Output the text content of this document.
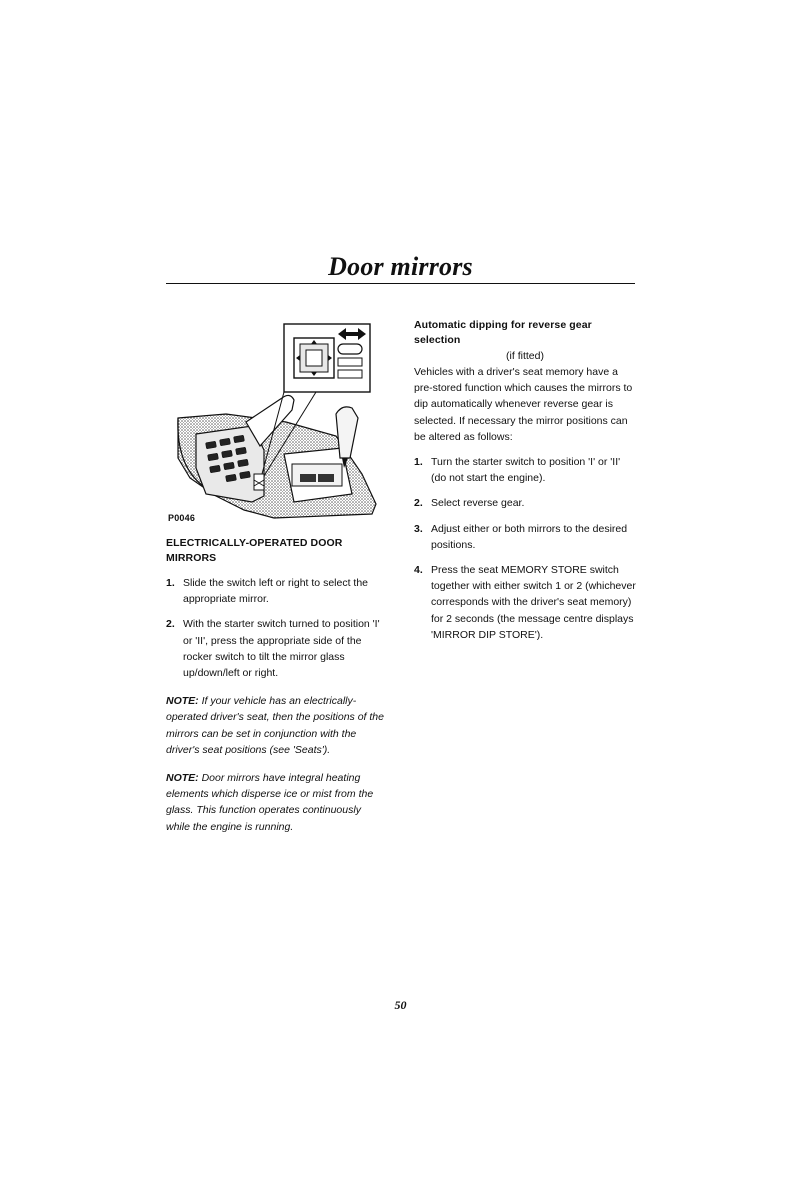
Door mirrors
P0046

ELECTRICALLY-OPERATED DOOR MIRRORS

1. Slide the switch left or right to select the appropriate mirror.
2. With the starter switch turned to position 'I' or 'II', press the appropriate side of the rocker switch to tilt the mirror glass up/down/left or right.

NOTE: If your vehicle has an electrically-operated driver's seat, then the positions of the mirrors can be set in conjunction with the driver's seat positions (see 'Seats').

NOTE: Door mirrors have integral heating elements which disperse ice or mist from the glass. This function operates continuously while the engine is running.

Automatic dipping for reverse gear selection

(if fitted)

Vehicles with a driver's seat memory have a pre-stored function which causes the mirrors to dip automatically whenever reverse gear is selected. If necessary the mirror positions can be altered as follows:

1. Turn the starter switch to position 'I' or 'II' (do not start the engine).
2. Select reverse gear.
3. Adjust either or both mirrors to the desired positions.
4. Press the seat MEMORY STORE switch together with either switch 1 or 2 (whichever corresponds with the driver's seat memory) for 2 seconds (the message centre displays 'MIRROR DIP STORE').
50
